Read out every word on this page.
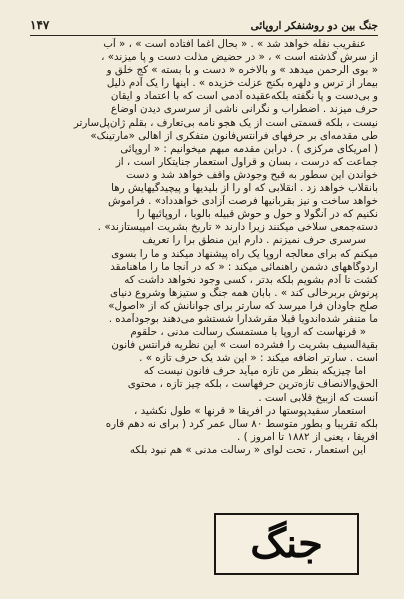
جنگ بین دو روشنفکر اروپائی
۱۴۷
عنقریب نفله خواهد شد » . « بحال اغما افتاده است » ، « آب
از سرش گذشته است » ، « در حضیض مذلت دست و پا میزند» ،
« بوی الرحمن میدهد » و بالاخره « دست و با بسته » کج خلق و
بیمار از ترس و دلهره بکنج عزلت خزیده » . اینها را یک آدم ذلیل
و بی‌دست و پا نگفته بلکه‌عقیده آدمی است که با اعتماد و ایقان
حرف میزند . اضطراب و نگرانی ناشی از سرسری دیدن اوضاع
نیست ، بلکه قسمتی است از یک هجو نامه بی‌تعارف ، بقلم ژان‌پل‌سارتر
طی مقدمه‌ای بر حرفهای فرانتس‌فانون متفکری از اهالی «مارتینک»
( امریکای مرکزی ) . درابن مقدمه مبهم میخوانیم : « اروپائی
جماعت که درست ، بسان و قراول استعمار جنایتکار است ، از
خواندن این سطور به قبح وجودش واقف خواهد شد و دست
بانقلاب خواهد زد . انقلابی که او را از بلیدیها و پیچیدگیهایش رها
خواهد ساخت و نیز بقربانیها فرصت آزادی خواهدداد» . فراموش
نکنیم که در آنگولا و حول و حوش قبیله بالوبا ، اروپائیها را
دسته‌جمعی سلاخی میکنند زیرا دارند « تاریخ بشریت امپیستازند» .
سرسری حرف نمیزنم . دارم این منطق برا را تعریف
میکنم که برای معالجه اروپا یک راه پیشنهاد میکند و ما را بسوی
اردوگاههای دشمن راهنمائی میکند : « که در آنجا ما را ماهنامقد
کشت تا آدم بشویم بلکه بدتر ، کسی وجود نخواهد داشت که
پرنوش بربرخالی کند » . بابان همه جنگ و ستیزها وشروع دنیای
صلح جاودان فرا میرسد که سارتر برای جوانانش که از «اصول»
ما متنفر شده‌اندویا قبلا مقرشدارا شستشو می‌دهند بوجودآمده .
« قرنهاست که اروپا با مستمسک رسالت مدنی ، حلقوم
بقیةالسیف بشریت را فشرده است » این نظریه فرانتس فانون
است . سارتر اضافه میکند : « این شد یک حرف تازه » .
اما چیزیکه بنظر من تازه میآید حرف فانون نیست که
الحق‌والانصاف تازه‌ترین حرفهاست ، بلکه چیز تازه ، محتوی
آنست که ازبیخ قلابی است .
استعمار سفیدپوستها در افریقا « قرنها » طول نکشید ،
بلکه تقریبا و بطور متوسط ۸۰ سال عمر کرد ( برای نه دهم قاره
افریقا ، یعنی از ۱۸۸۲ تا امروز ) .
این استعمار ، تحت لوای « رسالت مدنی » هم نبود بلکه
جنگ
